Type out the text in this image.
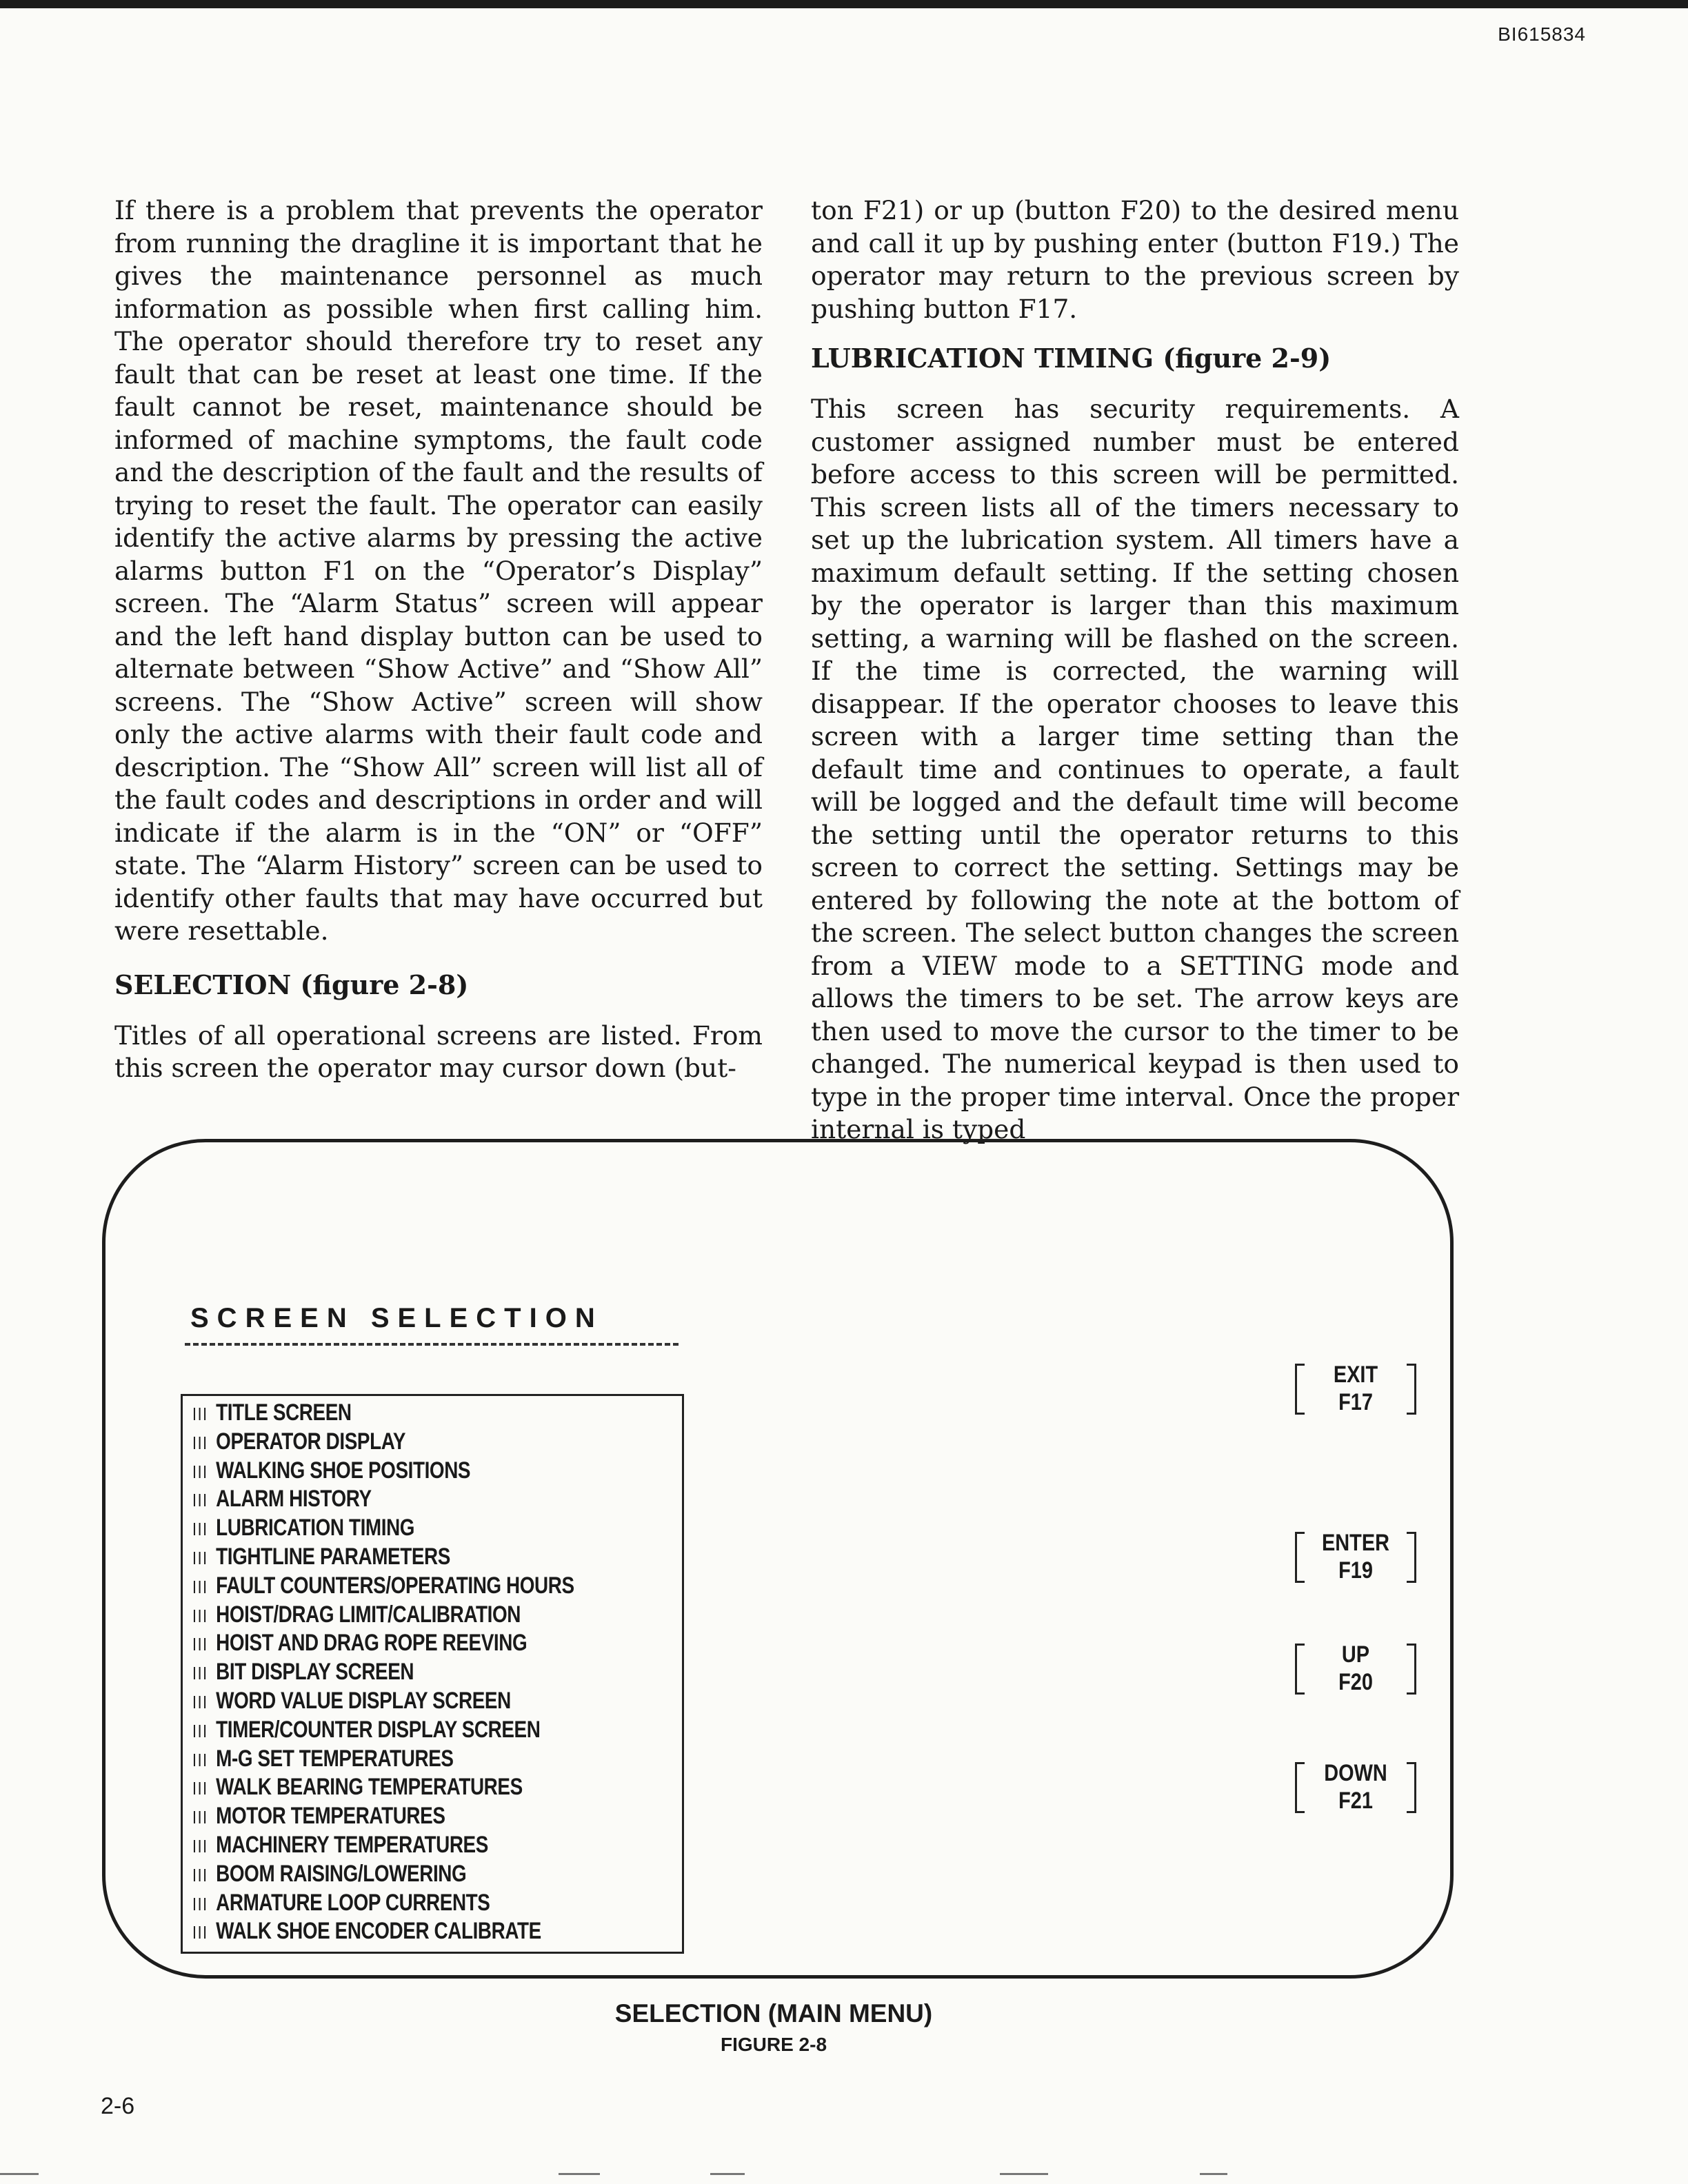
BI615834

If there is a problem that prevents the operator from running the dragline it is important that he gives the maintenance personnel as much information as possible when first calling him. The operator should therefore try to reset any fault that can be reset at least one time. If the fault cannot be reset, maintenance should be informed of machine symptoms, the fault code and the description of the fault and the results of trying to reset the fault. The operator can easily identify the active alarms by pressing the active alarms button F1 on the “Operator’s Display” screen. The “Alarm Status” screen will appear and the left hand display button can be used to alternate between “Show Active” and “Show All” screens. The “Show Active” screen will show only the active alarms with their fault code and description. The “Show All” screen will list all of the fault codes and descriptions in order and will indicate if the alarm is in the “ON” or “OFF” state. The “Alarm History” screen can be used to identify other faults that may have occurred but were resettable.

SELECTION (figure 2-8)

Titles of all operational screens are listed. From this screen the operator may cursor down (but-

ton F21) or up (button F20) to the desired menu and call it up by pushing enter (button F19.) The operator may return to the previous screen by pushing button F17.

LUBRICATION TIMING (figure 2-9)

This screen has security requirements. A customer assigned number must be entered before access to this screen will be permitted. This screen lists all of the timers necessary to set up the lubrication system. All timers have a maximum default setting. If the setting chosen by the operator is larger than this maximum setting, a warning will be flashed on the screen. If the time is corrected, the warning will disappear. If the operator chooses to leave this screen with a larger time setting than the default time and continues to operate, a fault will be logged and the default time will become the setting until the operator returns to this screen to correct the setting. Settings may be entered by following the note at the bottom of the screen. The select button changes the screen from a VIEW mode to a SETTING mode and allows the timers to be set. The arrow keys are then used to move the cursor to the timer to be changed. The numerical keypad is then used to type in the proper time interval. Once the proper internal is typed

SCREEN SELECTION
III TITLE SCREEN
III OPERATOR DISPLAY
III WALKING SHOE POSITIONS
III ALARM HISTORY
III LUBRICATION TIMING
III TIGHTLINE PARAMETERS
III FAULT COUNTERS/OPERATING HOURS
III HOIST/DRAG LIMIT/CALIBRATION
III HOIST AND DRAG ROPE REEVING
III BIT DISPLAY SCREEN
III WORD VALUE DISPLAY SCREEN
III TIMER/COUNTER DISPLAY SCREEN
III M-G SET TEMPERATURES
III WALK BEARING TEMPERATURES
III MOTOR TEMPERATURES
III MACHINERY TEMPERATURES
III BOOM RAISING/LOWERING
III ARMATURE LOOP CURRENTS
III WALK SHOE ENCODER CALIBRATE
EXIT
F17
ENTER
F19
UP
F20
DOWN
F21
SELECTION (MAIN MENU)
FIGURE 2-8
2-6
